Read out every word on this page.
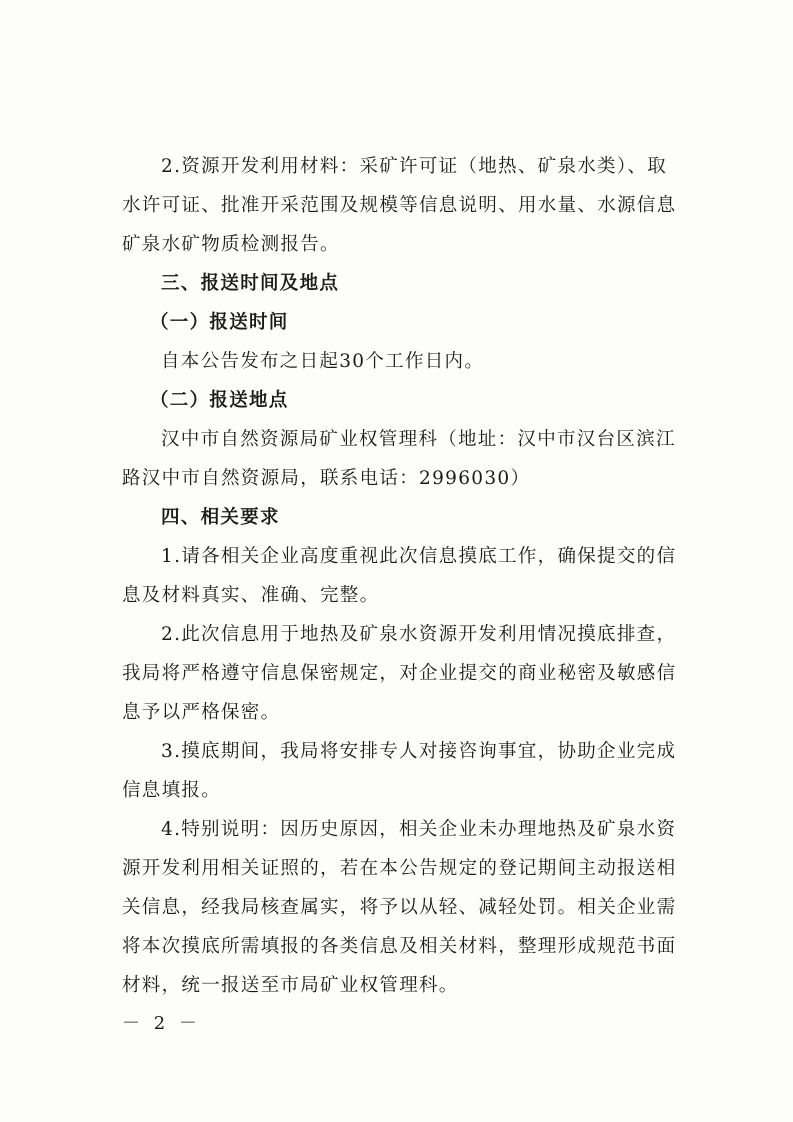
2.资源开发利用材料：采矿许可证（地热、矿泉水类）、取
水许可证、批准开采范围及规模等信息说明、用水量、水源信息
矿泉水矿物质检测报告。
三、报送时间及地点
（一）报送时间
自本公告发布之日起30个工作日内。
（二）报送地点
汉中市自然资源局矿业权管理科（地址：汉中市汉台区滨江
路汉中市自然资源局，联系电话：2996030）
四、相关要求
1.请各相关企业高度重视此次信息摸底工作，确保提交的信
息及材料真实、准确、完整。
2.此次信息用于地热及矿泉水资源开发利用情况摸底排查，
我局将严格遵守信息保密规定，对企业提交的商业秘密及敏感信
息予以严格保密。
3.摸底期间，我局将安排专人对接咨询事宜，协助企业完成
信息填报。
4.特别说明：因历史原因，相关企业未办理地热及矿泉水资
源开发利用相关证照的，若在本公告规定的登记期间主动报送相
关信息，经我局核查属实，将予以从轻、减轻处罚。相关企业需
将本次摸底所需填报的各类信息及相关材料，整理形成规范书面
材料，统一报送至市局矿业权管理科。
－ 2 －
